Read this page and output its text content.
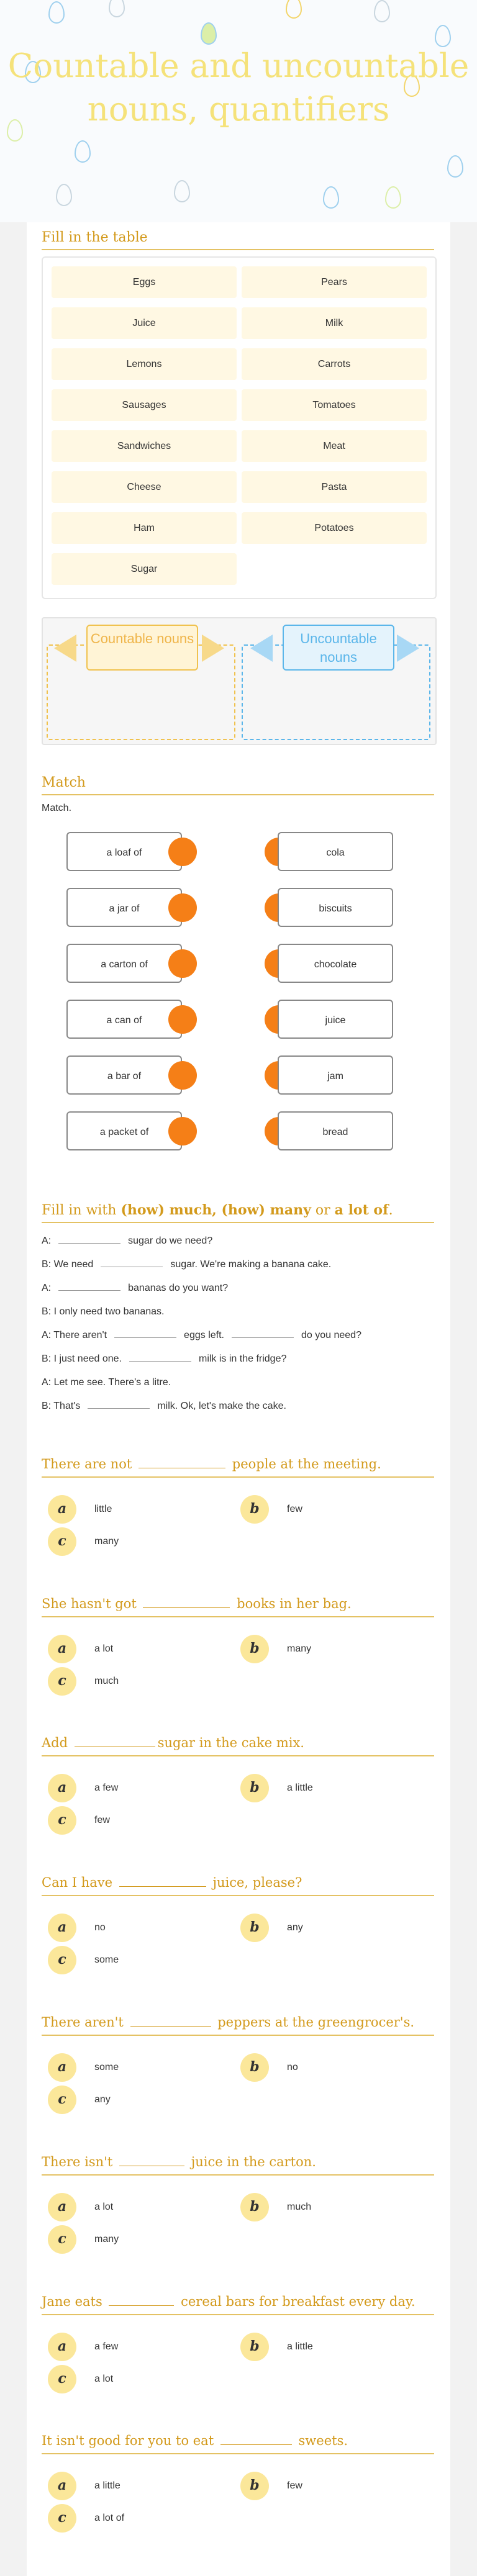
Countable and uncountable nouns, quantifiers
Fill in the table
Eggs	Pears
Juice	Milk
Lemons	Carrots
Sausages	Tomatoes
Sandwiches	Meat
Cheese	Pasta
Ham	Potatoes
Sugar
Countable nouns	Uncountable nouns
Match
Match.
a loaf of
a jar of
a carton of
a can of
a bar of
a packet of
cola
biscuits
chocolate
juice
jam
bread
Fill in with (how) much, (how) many or a lot of.
A:	sugar do we need?
B: We need	sugar. We're making a banana cake.
A:	bananas do you want?
B: I only need two bananas.
A: There aren't	eggs left.	do you need?
B: I just need one.	milk is in the fridge?
A: Let me see. There's a litre.
B: That's	milk. Ok, let's make the cake.
There are not	people at the meeting.
a	little	b	few
c	many
She hasn't got	books in her bag.
a	a lot	b	many
c	much
Add	sugar in the cake mix.
a	a few	b	a little
c	few
Can I have	juice, please?
a	no	b	any
c	some
There aren't	peppers at the greengrocer's.
a	some	b	no
c	any
There isn't	juice in the carton.
a	a lot	b	much
c	many
Jane eats	cereal bars for breakfast every day.
a	a few	b	a little
c	a lot
It isn't good for you to eat	sweets.
a	a little	b	few
c	a lot of
